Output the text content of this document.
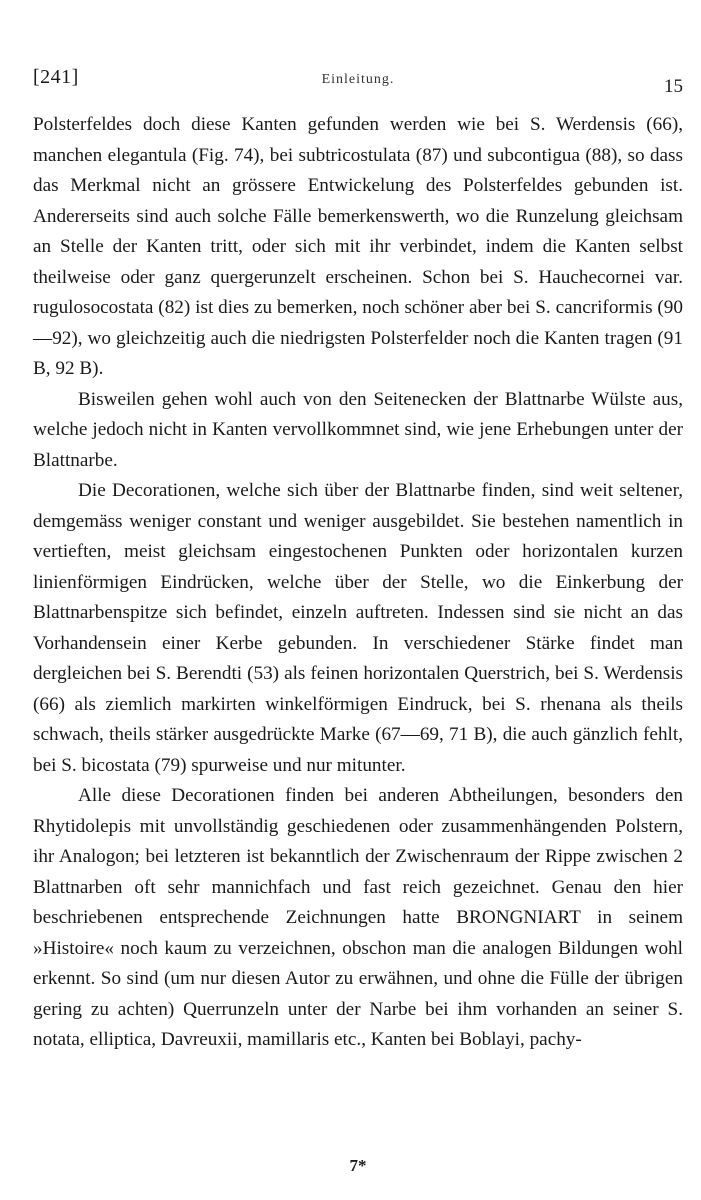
[241]	Einleitung.	15

Polsterfeldes doch diese Kanten gefunden werden wie bei S. Werdensis (66), manchen elegantula (Fig. 74), bei subtricostulata (87) und subcontigua (88), so dass das Merkmal nicht an grössere Entwickelung des Polsterfeldes gebunden ist. Andererseits sind auch solche Fälle bemerkenswerth, wo die Runzelung gleichsam an Stelle der Kanten tritt, oder sich mit ihr verbindet, indem die Kanten selbst theilweise oder ganz quergerunzelt erscheinen. Schon bei S. Hauchecornei var. rugulosocostata (82) ist dies zu bemerken, noch schöner aber bei S. cancriformis (90—92), wo gleichzeitig auch die niedrigsten Polsterfelder noch die Kanten tragen (91 B, 92 B).

Bisweilen gehen wohl auch von den Seitenecken der Blattnarbe Wülste aus, welche jedoch nicht in Kanten vervollkommnet sind, wie jene Erhebungen unter der Blattnarbe.

Die Decorationen, welche sich über der Blattnarbe finden, sind weit seltener, demgemäss weniger constant und weniger ausgebildet. Sie bestehen namentlich in vertieften, meist gleichsam eingestochenen Punkten oder horizontalen kurzen linienförmigen Eindrücken, welche über der Stelle, wo die Einkerbung der Blattnarbenspitze sich befindet, einzeln auftreten. Indessen sind sie nicht an das Vorhandensein einer Kerbe gebunden. In verschiedener Stärke findet man dergleichen bei S. Berendti (53) als feinen horizontalen Querstrich, bei S. Werdensis (66) als ziemlich markirten winkelförmigen Eindruck, bei S. rhenana als theils schwach, theils stärker ausgedrückte Marke (67—69, 71 B), die auch gänzlich fehlt, bei S. bicostata (79) spurweise und nur mitunter.

Alle diese Decorationen finden bei anderen Abtheilungen, besonders den Rhytidolepis mit unvollständig geschiedenen oder zusammenhängenden Polstern, ihr Analogon; bei letzteren ist bekanntlich der Zwischenraum der Rippe zwischen 2 Blattnarben oft sehr mannichfach und fast reich gezeichnet. Genau den hier beschriebenen entsprechende Zeichnungen hatte BRONGNIART in seinem »Histoire« noch kaum zu verzeichnen, obschon man die analogen Bildungen wohl erkennt. So sind (um nur diesen Autor zu erwähnen, und ohne die Fülle der übrigen gering zu achten) Querrunzeln unter der Narbe bei ihm vorhanden an seiner S. notata, elliptica, Davreuxii, mamillaris etc., Kanten bei Boblayi, pachy-

7*
